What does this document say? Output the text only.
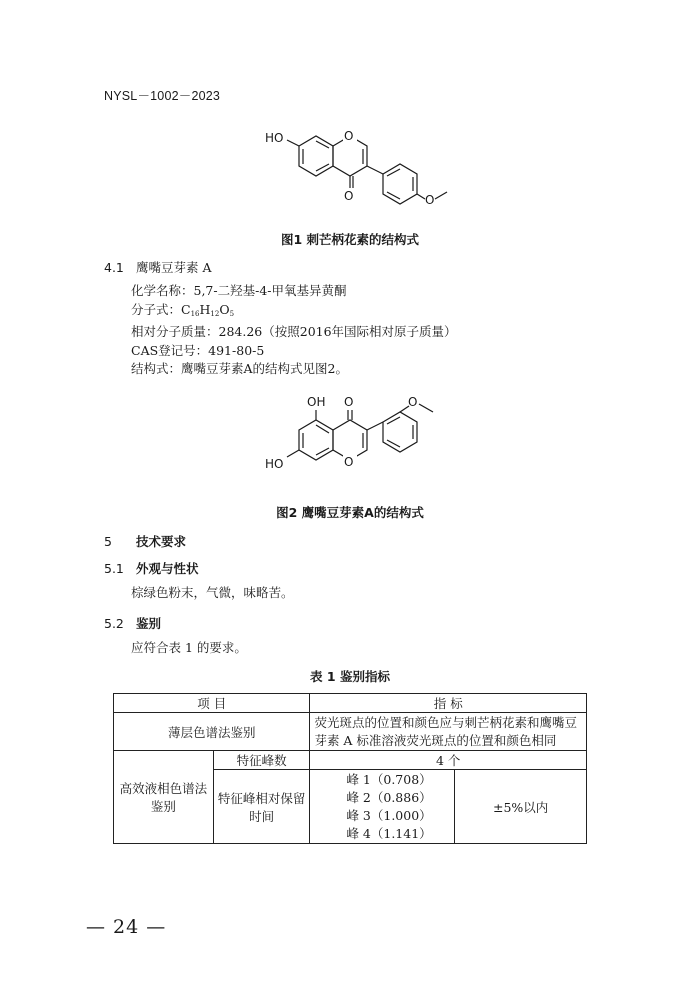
NYSL－1002－2023
O
HO
O	O
图1 刺芒柄花素的结构式
4.1 鹰嘴豆芽素 A
化学名称：5,7-二羟基-4-甲氧基异黄酮
分子式：$C_{16}H_{12}O_5$
相对分子质量：284.26（按照2016年国际相对原子质量）
CAS登记号：491-80-5
结构式：鹰嘴豆芽素A的结构式见图2。
O
OH O
HO
O
图2 鹰嘴豆芽素A的结构式
5 技术要求
5.1 外观与性状
棕绿色粉末，气微，味略苦。
5.2 鉴别
应符合表 1 的要求。
表 1 鉴别指标
项 目		指 标	
薄层色谱法鉴别		荧光斑点的位置和颜色应与刺芒柄花素和鹰嘴豆芽素 A 标准溶液荧光斑点的位置和颜色相同	
高效液相色谱法鉴别	特征峰数	4 个	
	特征峰相对保留时间	峰 1（0.708）
峰 2（0.886）
峰 3（1.000）
峰 4（1.141）	±5%以内
— 24 —
